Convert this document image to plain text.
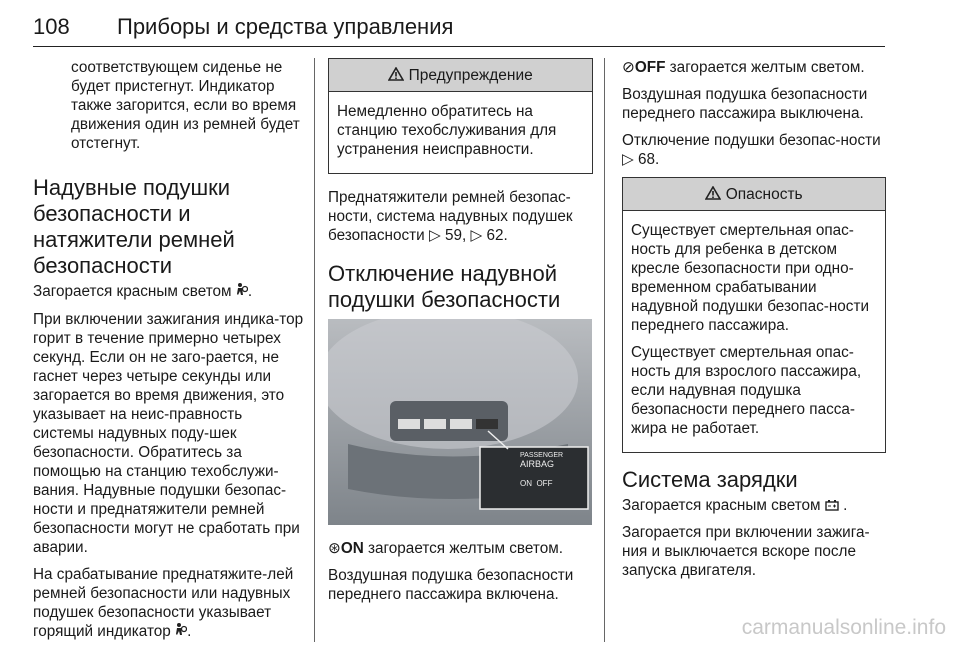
108 Приборы и средства управления

соответствующем сиденье не будет пристегнут. Индикатор также загорится, если во время движения один из ремней будет отстегнут.

Надувные подушки безопасности и натяжители ремней безопасности

Загорается красным светом .

При включении зажигания индика-тор горит в течение примерно четырех секунд. Если он не заго-рается, не гаснет через четыре секунды или загорается во время движения, это указывает на неис-правность системы надувных поду-шек безопасности. Обратитесь за помощью на станцию техобслужи-вания. Надувные подушки безопас-ности и преднатяжители ремней безопасности могут не сработать при аварии.

На срабатывание преднатяжите-лей ремней безопасности или надувных подушек безопасности указывает горящий индикатор .

Предупреждение

Немедленно обратитесь на станцию техобслуживания для устранения неисправности.

Преднатяжители ремней безопас-ности, система надувных подушек безопасности ▷ 59, ▷ 62.

Отключение надувной подушки безопасности
PASSENGER
AIRBAG
ON OFF

⊛ON загорается желтым светом.

Воздушная подушка безопасности переднего пассажира включена.

⊘OFF загорается желтым светом.

Воздушная подушка безопасности переднего пассажира выключена.

Отключение подушки безопас-ности ▷ 68.

Опасность

Существует смертельная опас-ность для ребенка в детском кресле безопасности при одно-временном срабатывании надувной подушки безопас-ности переднего пассажира.

Существует смертельная опас-ность для взрослого пассажира, если надувная подушка безопасности переднего пасса-жира не работает.

Система зарядки

Загорается красным светом .

Загорается при включении зажига-ния и выключается вскоре после запуска двигателя.

carmanualsonline.info
